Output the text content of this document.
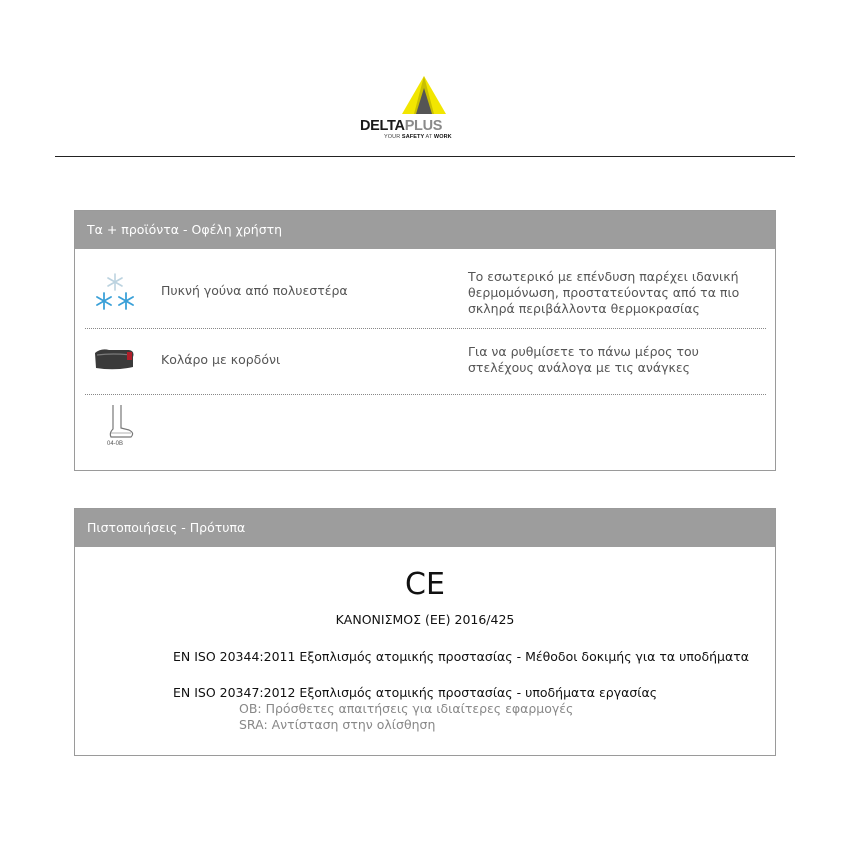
DELTAPLUS
YOUR SAFETY AT WORK
Τα + προϊόντα - Οφέλη χρήστη
Πυκνή γούνα από πολυεστέρα
Το εσωτερικό με επένδυση παρέχει ιδανική θερμομόνωση, προστατεύοντας από τα πιο σκληρά περιβάλλοντα θερμοκρασίας
Κολάρο με κορδόνι
Για να ρυθμίσετε το πάνω μέρος του στελέχους ανάλογα με τις ανάγκες
04-0B
Πιστοποιήσεις - Πρότυπα
CE
ΚΑΝΟΝΙΣΜΟΣ (ΕΕ) 2016/425
EN ISO 20344:2011 Εξοπλισμός ατομικής προστασίας - Μέθοδοι δοκιμής για τα υποδήματα
EN ISO 20347:2012 Εξοπλισμός ατομικής προστασίας - υποδήματα εργασίας
OB: Πρόσθετες απαιτήσεις για ιδιαίτερες εφαρμογές
SRA: Αντίσταση στην ολίσθηση
